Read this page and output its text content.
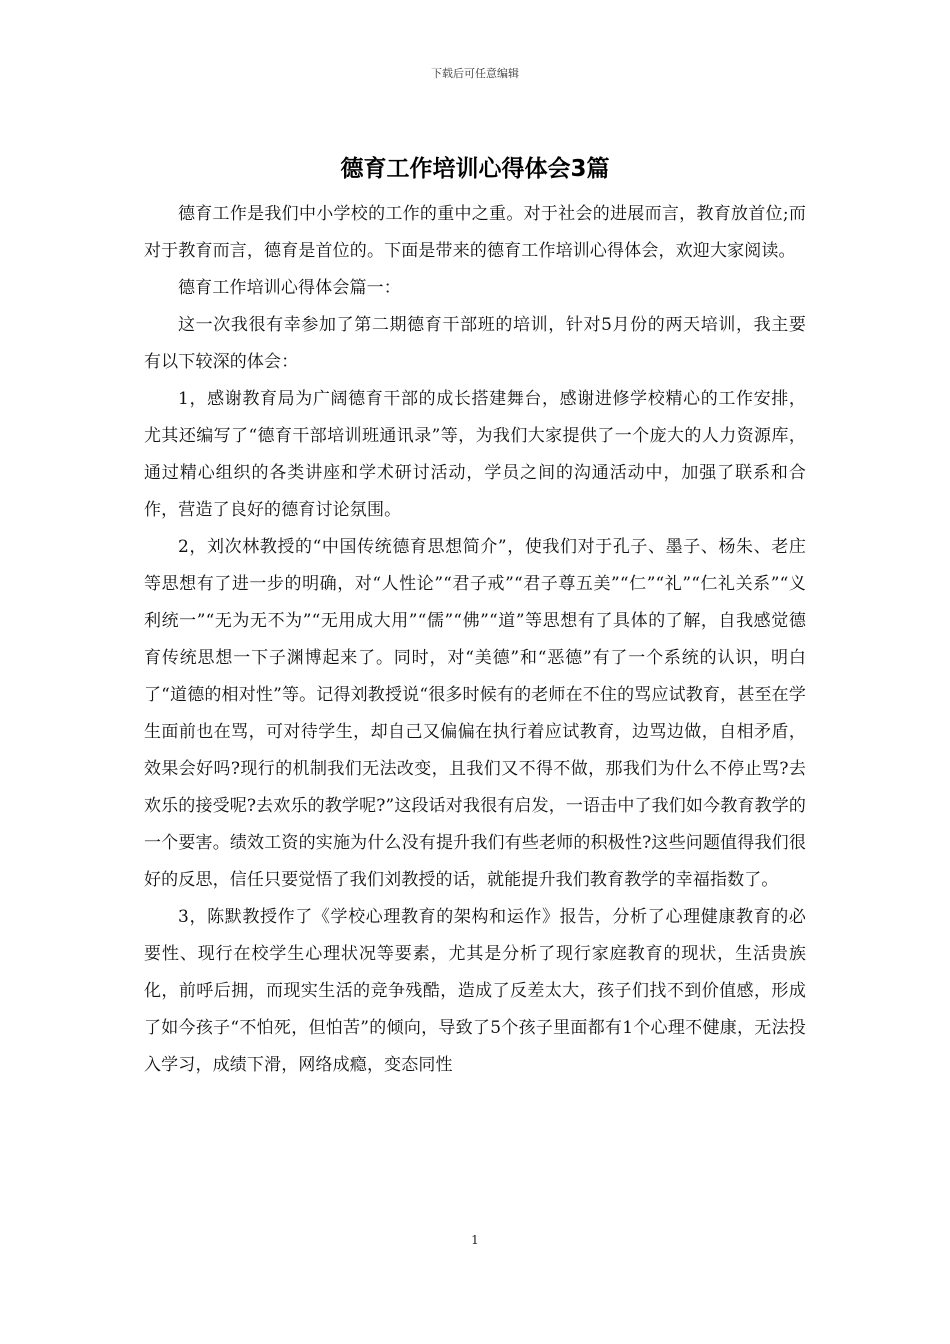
下载后可任意编辑
德育工作培训心得体会3篇

德育工作是我们中小学校的工作的重中之重。对于社会的进展而言，教育放首位;而对于教育而言，德育是首位的。下面是带来的德育工作培训心得体会，欢迎大家阅读。

德育工作培训心得体会篇一：

这一次我很有幸参加了第二期德育干部班的培训，针对5月份的两天培训，我主要有以下较深的体会：

1，感谢教育局为广阔德育干部的成长搭建舞台，感谢进修学校精心的工作安排，尤其还编写了“德育干部培训班通讯录”等，为我们大家提供了一个庞大的人力资源库，通过精心组织的各类讲座和学术研讨活动，学员之间的沟通活动中，加强了联系和合作，营造了良好的德育讨论氛围。

2，刘次林教授的“中国传统德育思想简介”，使我们对于孔子、墨子、杨朱、老庄等思想有了进一步的明确，对“人性论”“君子戒”“君子尊五美”“仁”“礼”“仁礼关系”“义利统一”“无为无不为”“无用成大用”“儒”“佛”“道”等思想有了具体的了解，自我感觉德育传统思想一下子渊博起来了。同时，对“美德”和“恶德”有了一个系统的认识，明白了“道德的相对性”等。记得刘教授说“很多时候有的老师在不住的骂应试教育，甚至在学生面前也在骂，可对待学生，却自己又偏偏在执行着应试教育，边骂边做，自相矛盾，效果会好吗?现行的机制我们无法改变，且我们又不得不做，那我们为什么不停止骂?去欢乐的接受呢?去欢乐的教学呢?”这段话对我很有启发，一语击中了我们如今教育教学的一个要害。绩效工资的实施为什么没有提升我们有些老师的积极性?这些问题值得我们很好的反思，信任只要觉悟了我们刘教授的话，就能提升我们教育教学的幸福指数了。

3，陈默教授作了《学校心理教育的架构和运作》报告，分析了心理健康教育的必要性、现行在校学生心理状况等要素，尤其是分析了现行家庭教育的现状，生活贵族化，前呼后拥，而现实生活的竞争残酷，造成了反差太大，孩子们找不到价值感，形成了如今孩子“不怕死，但怕苦”的倾向，导致了5个孩子里面都有1个心理不健康，无法投入学习，成绩下滑，网络成瘾，变态同性

1
